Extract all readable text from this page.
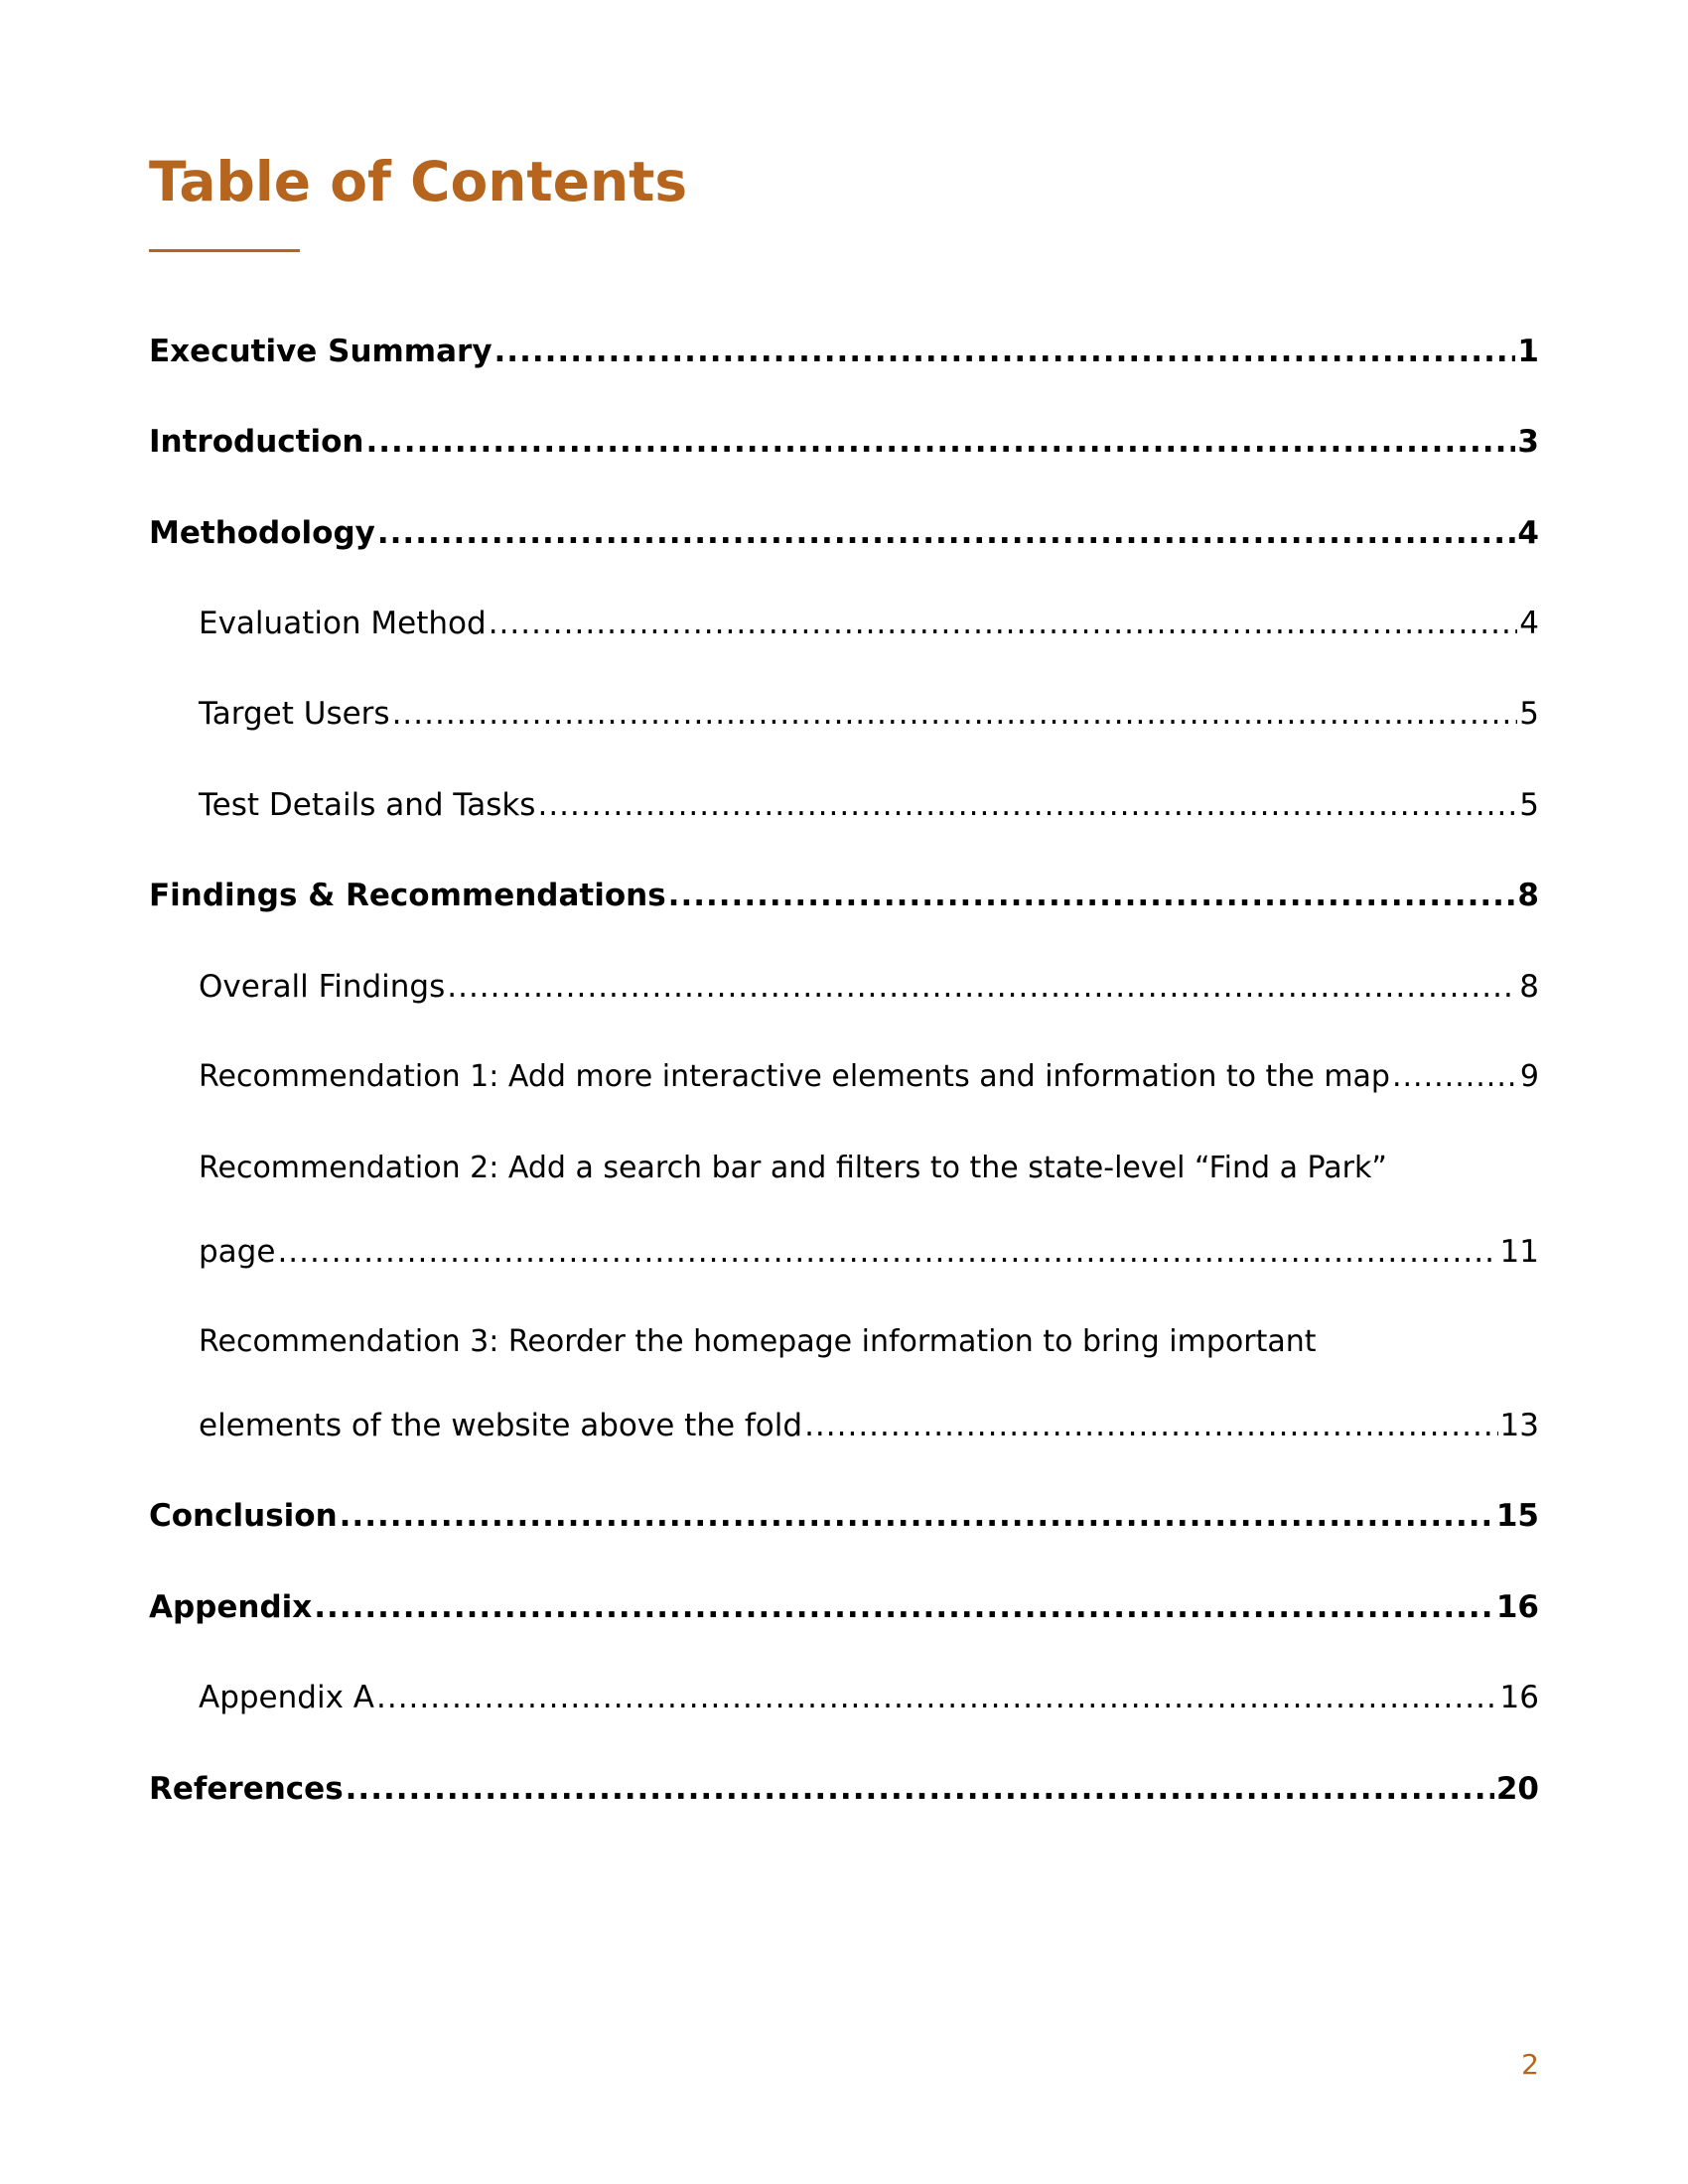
Table of Contents
Executive Summary .....	1
Introduction .....	3
Methodology .....	4
Evaluation Method .....	4
Target Users .....	5
Test Details and Tasks .....	5
Findings & Recommendations .....	8
Overall Findings .....	8
Recommendation 1: Add more interactive elements and information to the map .....	9
Recommendation 2: Add a search bar and filters to the state-level “Find a Park”
page .....	11
Recommendation 3: Reorder the homepage information to bring important
elements of the website above the fold .....	13
Conclusion .....	15
Appendix .....	16
Appendix A .....	16
References .....	20
2
